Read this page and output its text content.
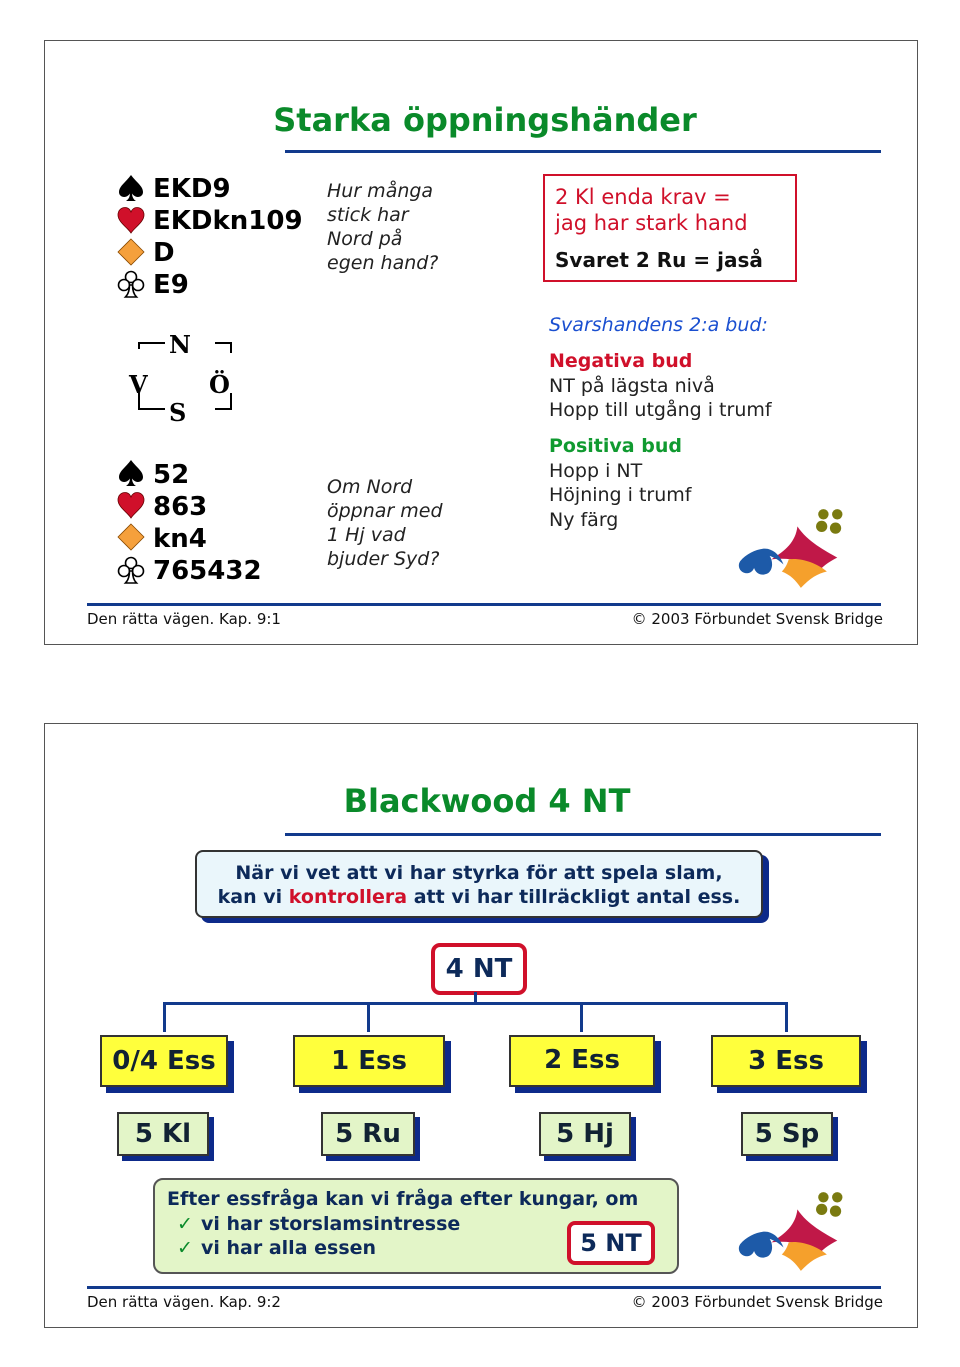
Starka öppningshänder
EKD9
EKDkn109
D
E9
N
V	Ö
S
52
863
kn4
765432
Hur många
stick har
Nord på
egen hand?
Om Nord
öppnar med
1 Hj vad
bjuder Syd?
2 Kl enda krav =
jag har stark hand
Svaret 2 Ru = jaså
Svarshandens 2:a bud:
Negativa bud
NT på lägsta nivå
Hopp till utgång i trumf
Positiva bud
Hopp i NT
Höjning i trumf
Ny färg
Den rätta vägen. Kap. 9:1	© 2003 Förbundet Svensk Bridge
Blackwood 4 NT
När vi vet att vi har styrka för att spela slam,
kan vi kontrollera att vi har tillräckligt antal ess.
4 NT
0/4 Ess	1 Ess	2 Ess	3 Ess
5 Kl	5 Ru	5 Hj	5 Sp
Efter essfråga kan vi fråga efter kungar, om
✓ vi har storslamsintresse
✓ vi har alla essen	5 NT
Den rätta vägen. Kap. 9:2	© 2003 Förbundet Svensk Bridge
